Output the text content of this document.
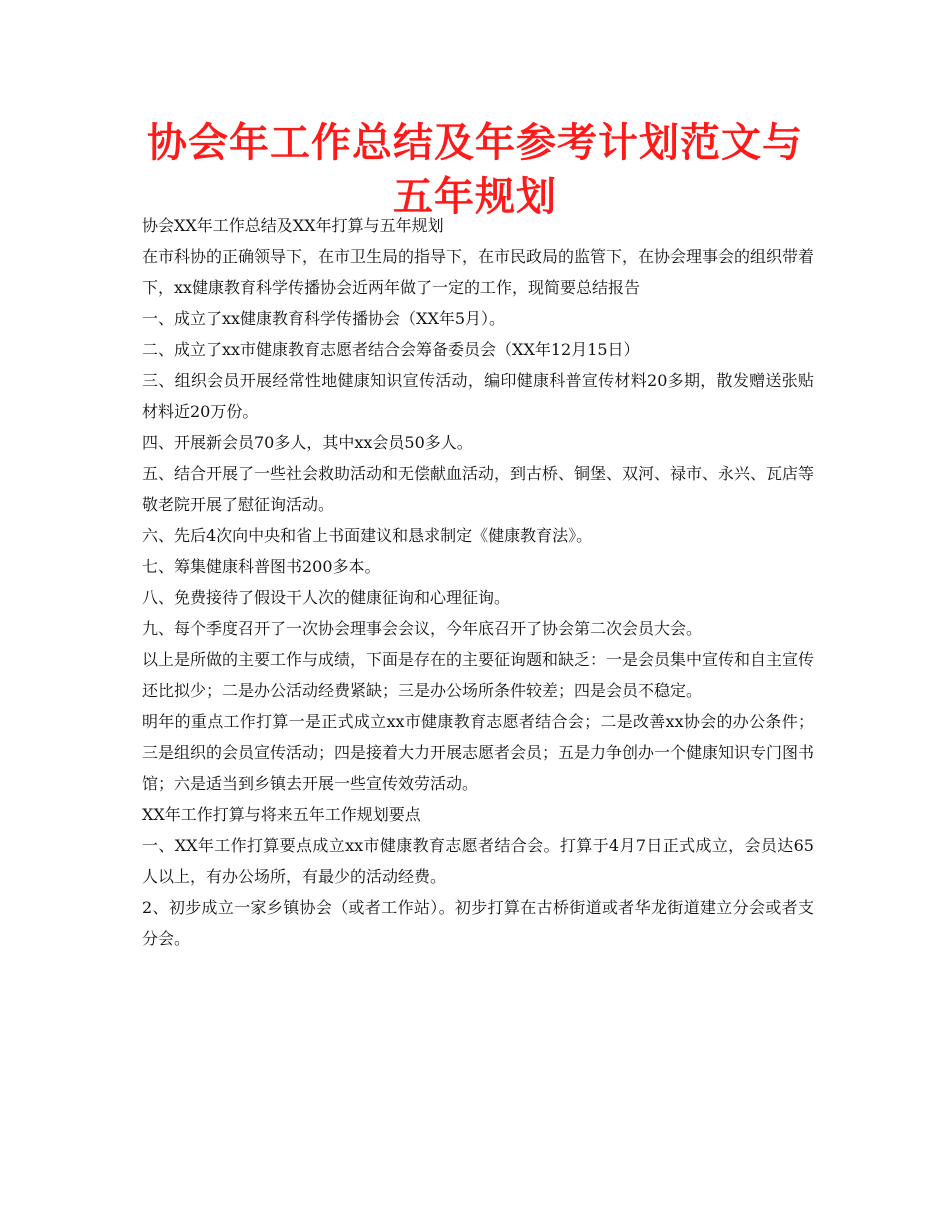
协会年工作总结及年参考计划范文与五年规划

协会XX年工作总结及XX年打算与五年规划

在市科协的正确领导下，在市卫生局的指导下，在市民政局的监管下，在协会理事会的组织带着下，xx健康教育科学传播协会近两年做了一定的工作，现简要总结报告

一、成立了xx健康教育科学传播协会（XX年5月）。

二、成立了xx市健康教育志愿者结合会筹备委员会（XX年12月15日）

三、组织会员开展经常性地健康知识宣传活动，编印健康科普宣传材料20多期，散发赠送张贴材料近20万份。

四、开展新会员70多人，其中xx会员50多人。

五、结合开展了一些社会救助活动和无偿献血活动，到古桥、铜堡、双河、禄市、永兴、瓦店等敬老院开展了慰征询活动。

六、先后4次向中央和省上书面建议和恳求制定《健康教育法》。

七、筹集健康科普图书200多本。

八、免费接待了假设干人次的健康征询和心理征询。

九、每个季度召开了一次协会理事会会议，今年底召开了协会第二次会员大会。

以上是所做的主要工作与成绩，下面是存在的主要征询题和缺乏：一是会员集中宣传和自主宣传还比拟少；二是办公活动经费紧缺；三是办公场所条件较差；四是会员不稳定。

明年的重点工作打算一是正式成立xx市健康教育志愿者结合会；二是改善xx协会的办公条件；三是组织的会员宣传活动；四是接着大力开展志愿者会员；五是力争创办一个健康知识专门图书馆；六是适当到乡镇去开展一些宣传效劳活动。

XX年工作打算与将来五年工作规划要点

一、XX年工作打算要点成立xx市健康教育志愿者结合会。打算于4月7日正式成立，会员达65人以上，有办公场所，有最少的活动经费。

2、初步成立一家乡镇协会（或者工作站）。初步打算在古桥街道或者华龙街道建立分会或者支分会。
